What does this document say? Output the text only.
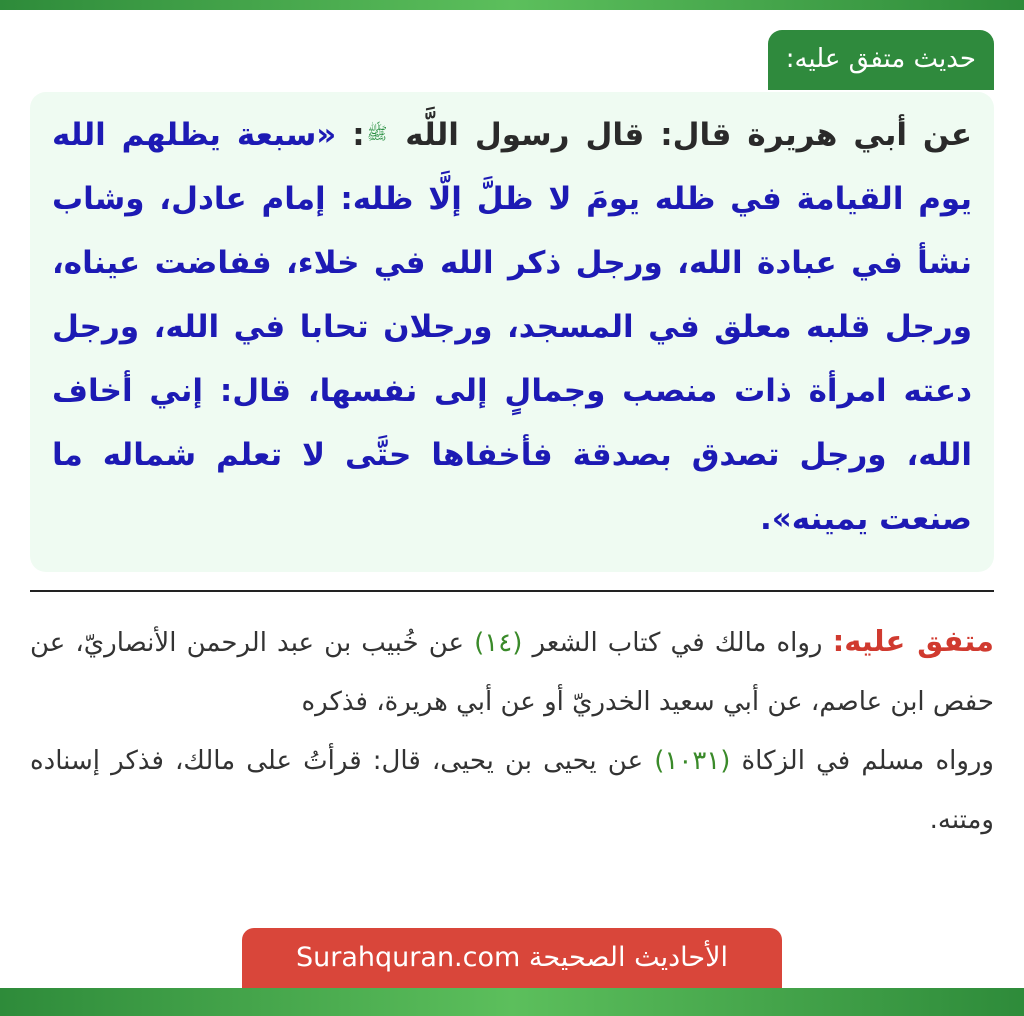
حديث متفق عليه:
عن أبي هريرة قال: قال رسول اللَّه ﷺ: «سبعة يظلهم الله يوم القيامة في ظله يومَ لا ظلَّ إلَّا ظله: إمام عادل، وشاب نشأ في عبادة الله، ورجل ذكر الله في خلاء، ففاضت عيناه، ورجل قلبه معلق في المسجد، ورجلان تحابا في الله، ورجل دعته امرأة ذات منصب وجمالٍ إلى نفسها، قال: إني أخاف الله، ورجل تصدق بصدقة فأخفاها حتَّى لا تعلم شماله ما صنعت يمينه».

متفق عليه: رواه مالك في كتاب الشعر (١٤) عن خُبيب بن عبد الرحمن الأنصاريّ، عن حفص ابن عاصم، عن أبي سعيد الخدريّ أو عن أبي هريرة، فذكره

ورواه مسلم في الزكاة (١٠٣١) عن يحيى بن يحيى، قال: قرأتُ على مالك، فذكر إسناده ومتنه.

الأحاديث الصحيحة Surahquran.com
